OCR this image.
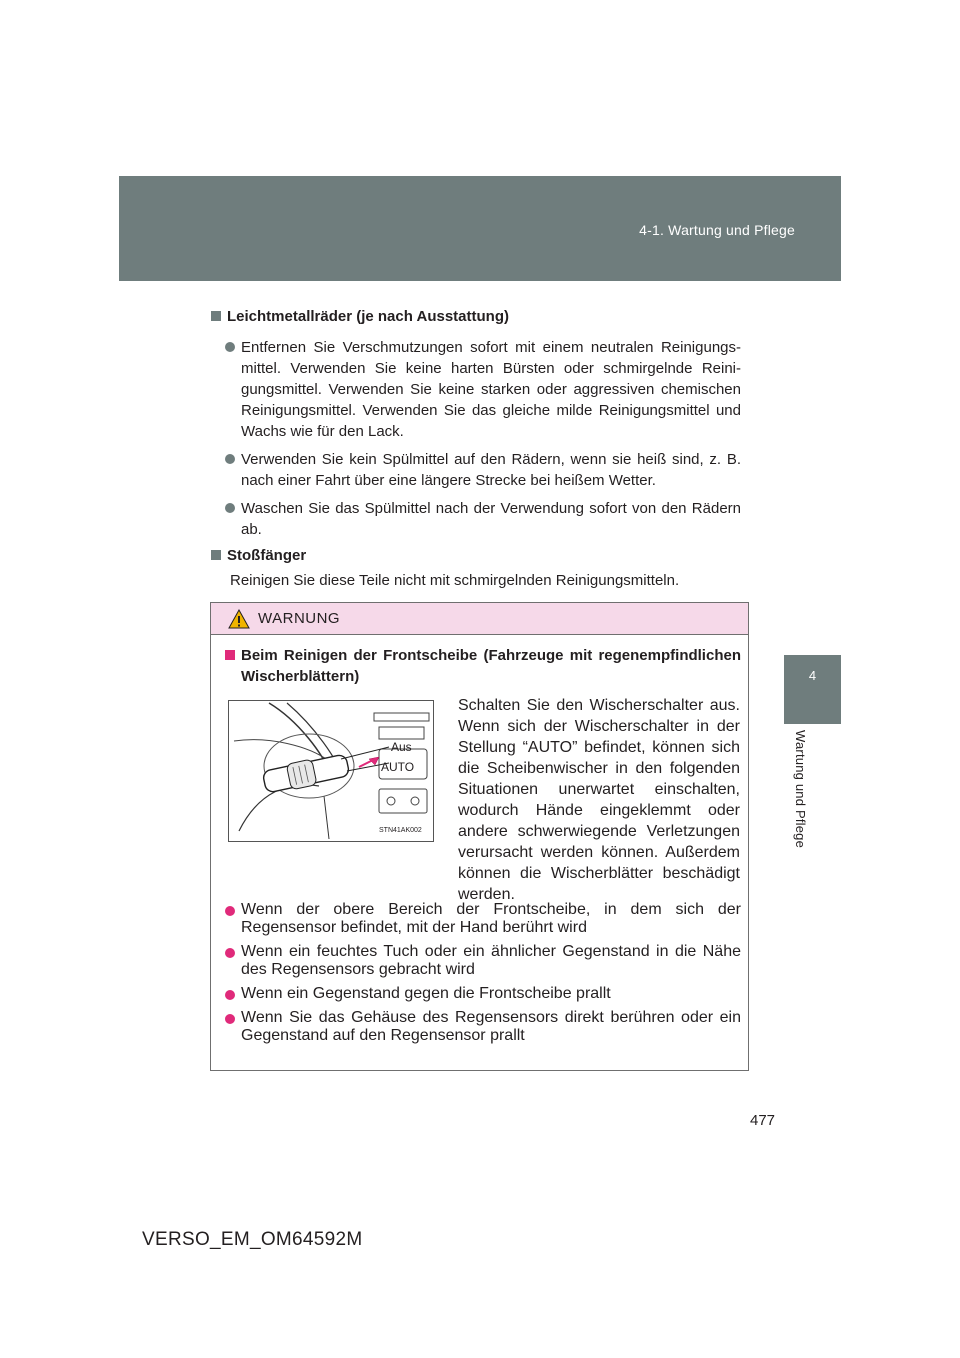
4-1. Wartung und Pflege
4
Wartung und Pflege
Leichtmetallräder (je nach Ausstattung)
Entfernen Sie Verschmutzungen sofort mit einem neutralen Reinigungs-mittel. Verwenden Sie keine harten Bürsten oder schmirgelnde Reini-gungsmittel. Verwenden Sie keine starken oder aggressiven chemischen Reinigungsmittel. Verwenden Sie das gleiche milde Reinigungsmittel und Wachs wie für den Lack.
Verwenden Sie kein Spülmittel auf den Rädern, wenn sie heiß sind, z. B. nach einer Fahrt über eine längere Strecke bei heißem Wetter.
Waschen Sie das Spülmittel nach der Verwendung sofort von den Rädern ab.
Stoßfänger
Reinigen Sie diese Teile nicht mit schmirgelnden Reinigungsmitteln.
WARNUNG
Beim Reinigen der Frontscheibe (Fahrzeuge mit regenempfindlichen Wischerblättern)
Aus
AUTO
STN41AK002
Schalten Sie den Wischerschalter aus. Wenn sich der Wischerschalter in der Stellung “AUTO” befindet, können sich die Scheibenwischer in den folgenden Situationen unerwartet einschalten, wodurch Hände eingeklemmt oder andere schwerwiegende Verletzungen verursacht werden können. Außerdem können die Wischerblätter beschädigt werden.
Wenn der obere Bereich der Frontscheibe, in dem sich der Regensensor befindet, mit der Hand berührt wird
Wenn ein feuchtes Tuch oder ein ähnlicher Gegenstand in die Nähe des Regensensors gebracht wird
Wenn ein Gegenstand gegen die Frontscheibe prallt
Wenn Sie das Gehäuse des Regensensors direkt berühren oder ein Gegenstand auf den Regensensor prallt
477
VERSO_EM_OM64592M
